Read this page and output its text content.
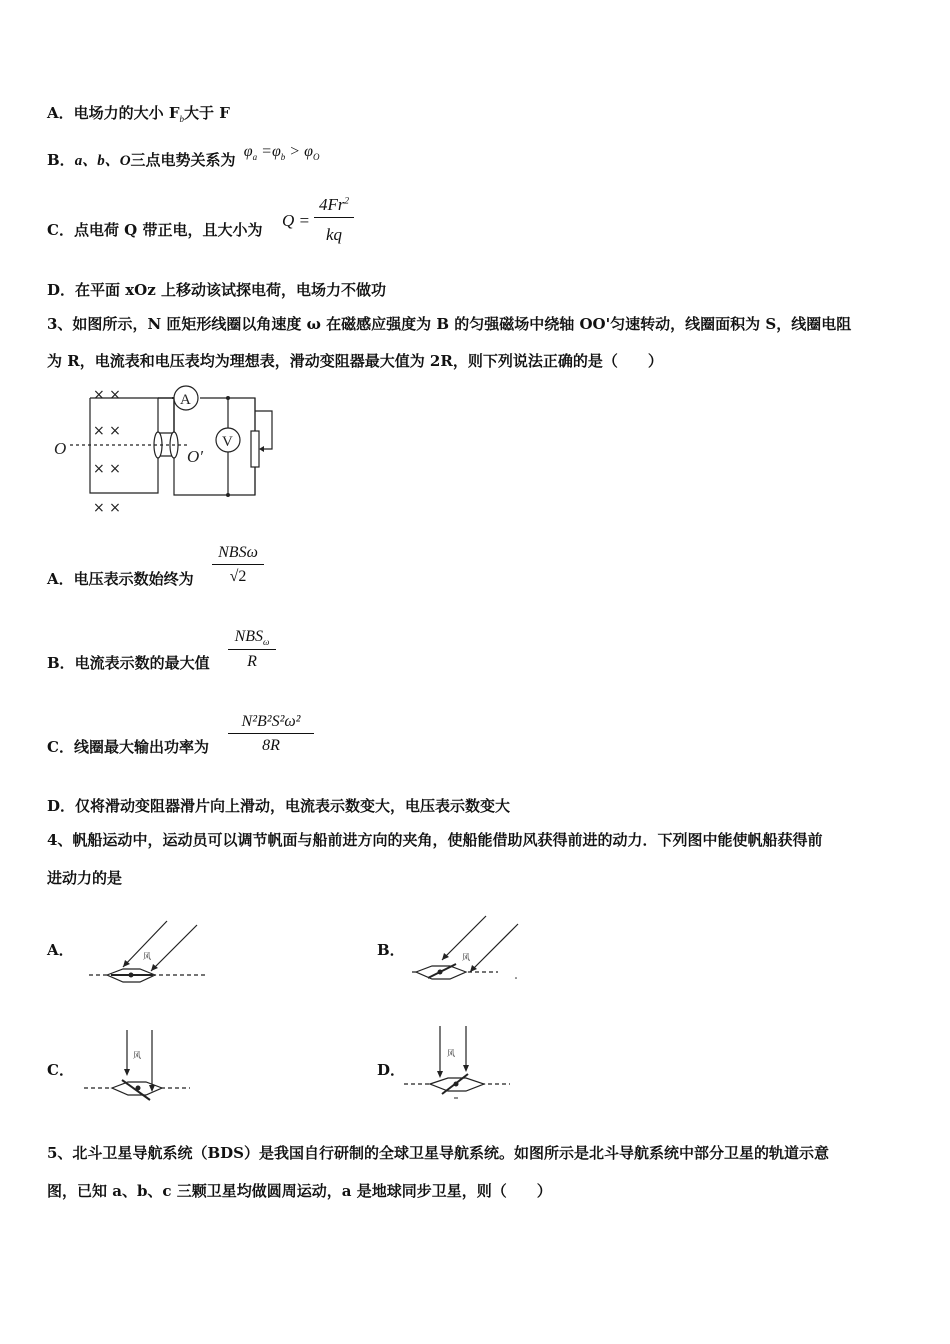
A．电场力的大小 $F_b$大于 F
B．a、b、O三点电势关系为 $\varphi_a =\varphi_b > \varphi_O$
C．点电荷 Q 带正电，且大小为 Q =
$4Fr^2$
kq
D．在平面 xOz 上移动该试探电荷，电场力不做功
3、如图所示，N 匝矩形线圈以角速度 ω 在磁感应强度为 B 的匀强磁场中绕轴 OO'匀速转动，线圈面积为 S，线圈电阻
为 R，电流表和电压表均为理想表，滑动变阻器最大值为 2R，则下列说法正确的是（　　）
A
V
O	O′
× ×
× ×
× ×
× ×
A．电压表示数始终为
NBSω
√2
B．电流表示数的最大值
$NBS_\omega$
R
C．线圈最大输出功率为 $\frac{\text{N²B²S²ω²}}{8R}$
D．仅将滑动变阻器滑片向上滑动，电流表示数变大，电压表示数变大
4、帆船运动中，运动员可以调节帆面与船前进方向的夹角，使船能借助风获得前进的动力．下列图中能使帆船获得前
进动力的是
A．	B．
C．	D．
风	风
风	风
5、北斗卫星导航系统（BDS）是我国自行研制的全球卫星导航系统。如图所示是北斗导航系统中部分卫星的轨道示意
图，已知 a、b、c 三颗卫星均做圆周运动，a 是地球同步卫星，则（　　）
